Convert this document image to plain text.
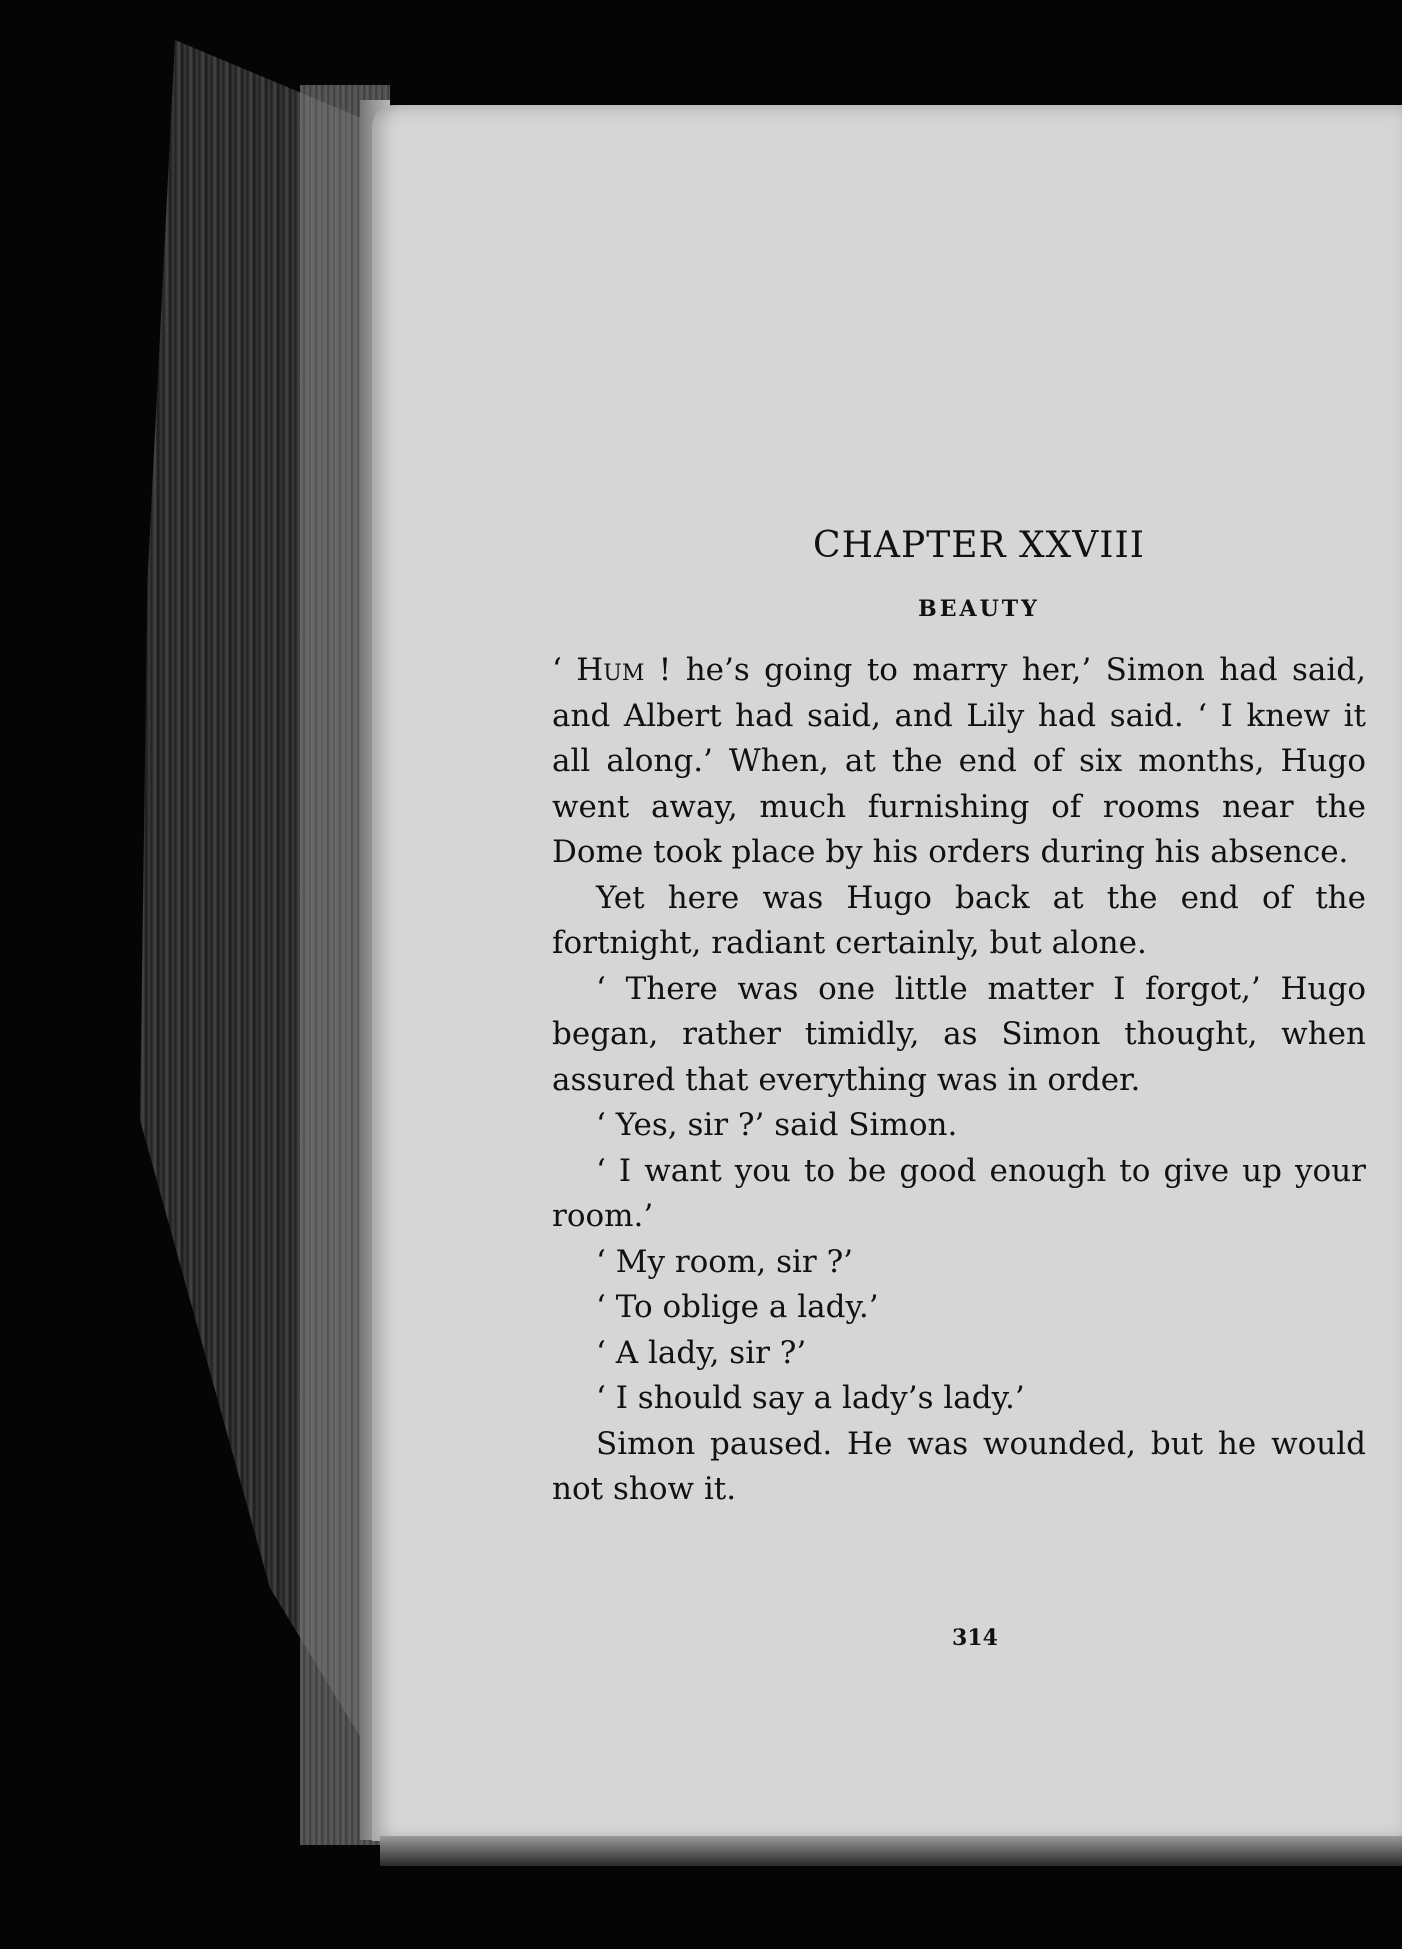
CHAPTER XXVIII
BEAUTY

‘ Hum ! he’s going to marry her,’ Simon had said, and Albert had said, and Lily had said. ‘ I knew it all along.’ When, at the end of six months, Hugo went away, much furnishing of rooms near the Dome took place by his orders during his absence.

Yet here was Hugo back at the end of the fortnight, radiant certainly, but alone.

‘ There was one little matter I forgot,’ Hugo began, rather timidly, as Simon thought, when assured that everything was in order.

‘ Yes, sir ?’ said Simon.

‘ I want you to be good enough to give up your room.’

‘ My room, sir ?’

‘ To oblige a lady.’

‘ A lady, sir ?’

‘ I should say a lady’s lady.’

Simon paused. He was wounded, but he would not show it.

314
